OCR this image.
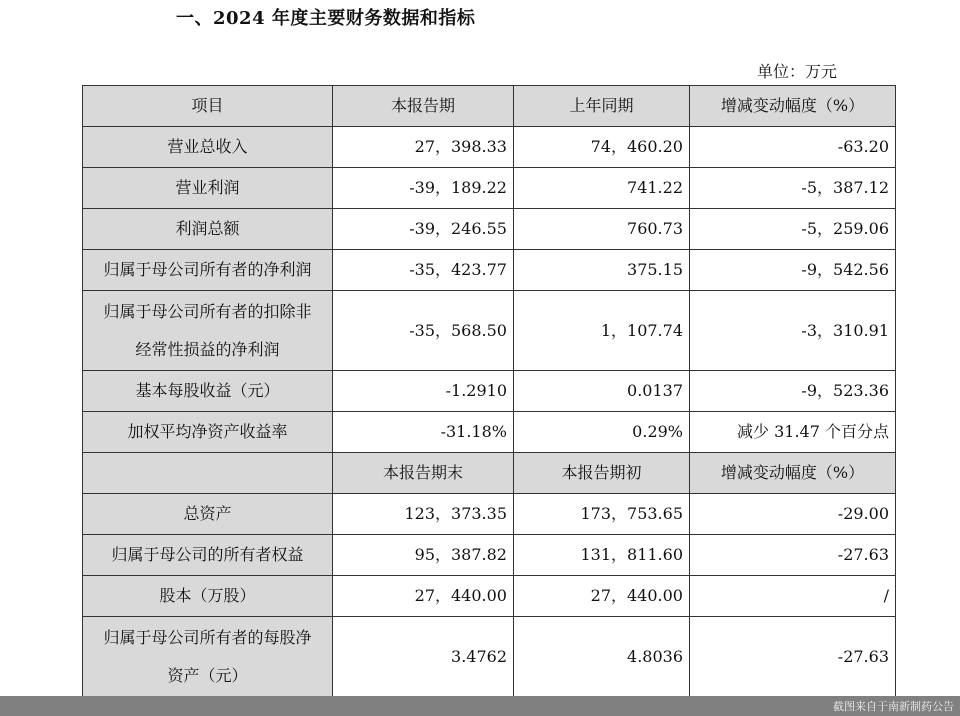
一、2024 年度主要财务数据和指标
单位：万元
项目	本报告期	上年同期	增减变动幅度（%）
营业总收入	27，398.33	74，460.20	-63.20
营业利润	-39，189.22	741.22	-5，387.12
利润总额	-39，246.55	760.73	-5，259.06
归属于母公司所有者的净利润	-35，423.77	375.15	-9，542.56

归属于母公司所有者的扣除非
经常性损益的净利润	-35，568.50	1，107.74	-3，310.91
基本每股收益（元）	-1.2910	0.0137	-9，523.36
加权平均净资产收益率	-31.18%	0.29%	减少 31.47 个百分点
	本报告期末	本报告期初	增减变动幅度（%）
总资产	123，373.35	173，753.65	-29.00
归属于母公司的所有者权益	95，387.82	131，811.60	-27.63
股本（万股）	27，440.00	27，440.00	/

归属于母公司所有者的每股净
资产（元）	3.4762	4.8036	-27.63
截图来自于南新制药公告
